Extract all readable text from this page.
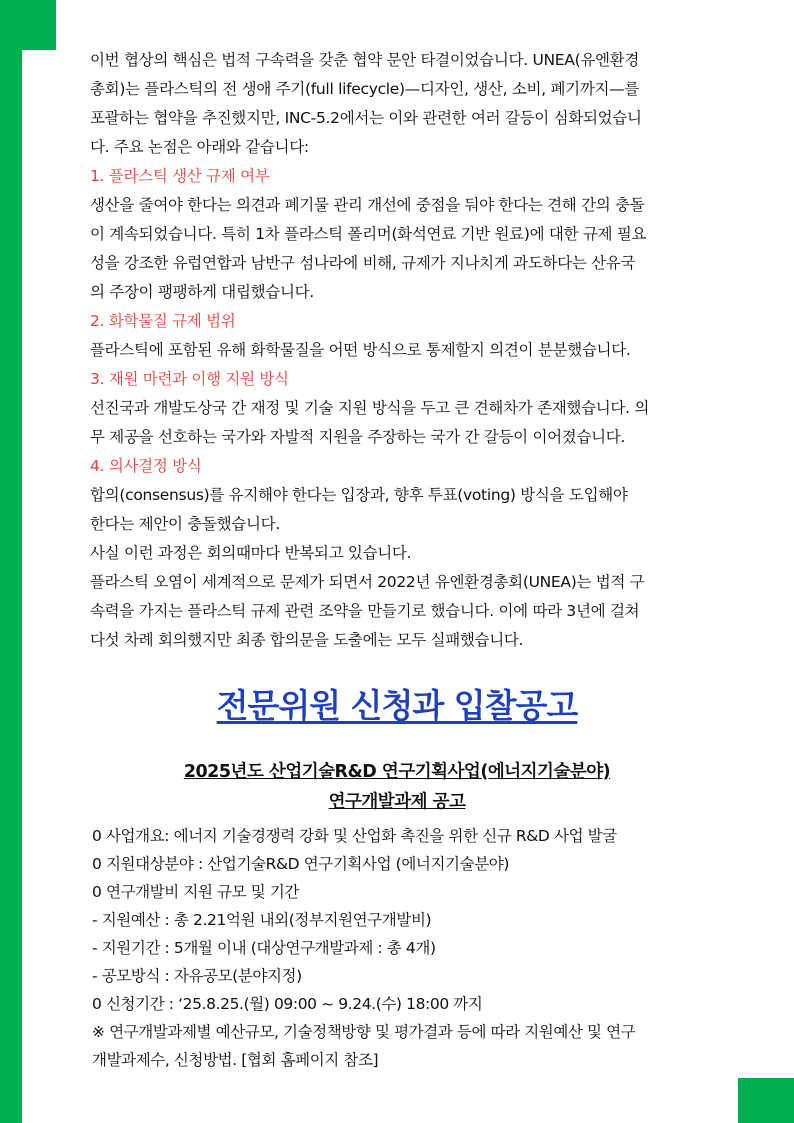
이번 협상의 핵심은 법적 구속력을 갖춘 협약 문안 타결이었습니다. UNEA(유엔환경

총회)는 플라스틱의 전 생애 주기(full lifecycle)—디자인, 생산, 소비, 폐기까지—를

포괄하는 협약을 추진했지만, INC-5.2에서는 이와 관련한 여러 갈등이 심화되었습니

다. 주요 논점은 아래와 같습니다:

1. 플라스틱 생산 규제 여부

생산을 줄여야 한다는 의견과 폐기물 관리 개선에 중점을 둬야 한다는 견해 간의 충돌

이 계속되었습니다. 특히 1차 플라스틱 폴리머(화석연료 기반 원료)에 대한 규제 필요

성을 강조한 유럽연합과 남반구 섬나라에 비해, 규제가 지나치게 과도하다는 산유국

의 주장이 팽팽하게 대립했습니다.

2. 화학물질 규제 범위

플라스틱에 포함된 유해 화학물질을 어떤 방식으로 통제할지 의견이 분분했습니다.

3. 재원 마련과 이행 지원 방식

선진국과 개발도상국 간 재정 및 기술 지원 방식을 두고 큰 견해차가 존재했습니다. 의

무 제공을 선호하는 국가와 자발적 지원을 주장하는 국가 간 갈등이 이어졌습니다.

4. 의사결정 방식

합의(consensus)를 유지해야 한다는 입장과, 향후 투표(voting) 방식을 도입해야

한다는 제안이 충돌했습니다.

사실 이런 과정은 회의때마다 반복되고 있습니다.

플라스틱 오염이 세계적으로 문제가 되면서 2022년 유엔환경총회(UNEA)는 법적 구

속력을 가지는 플라스틱 규제 관련 조약을 만들기로 했습니다. 이에 따라 3년에 걸쳐

다섯 차례 회의했지만 최종 합의문을 도출에는 모두 실패했습니다.

전문위원 신청과 입찰공고
2025년도 산업기술R&D 연구기획사업(에너지기술분야)
연구개발과제 공고

0 사업개요: 에너지 기술경쟁력 강화 및 산업화 촉진을 위한 신규 R&D 사업 발굴

0 지원대상분야 : 산업기술R&D 연구기획사업 (에너지기술분야)

0 연구개발비 지원 규모 및 기간

- 지원예산 : 총 2.21억원 내외(정부지원연구개발비)

- 지원기간 : 5개월 이내 (대상연구개발과제 : 총 4개)

- 공모방식 : 자유공모(분야지정)

0 신청기간 : ‘25.8.25.(월) 09:00 ~ 9.24.(수) 18:00 까지

※ 연구개발과제별 예산규모, 기술정책방향 및 평가결과 등에 따라 지원예산 및 연구

개발과제수, 신청방법. [협회 홈페이지 참조]
